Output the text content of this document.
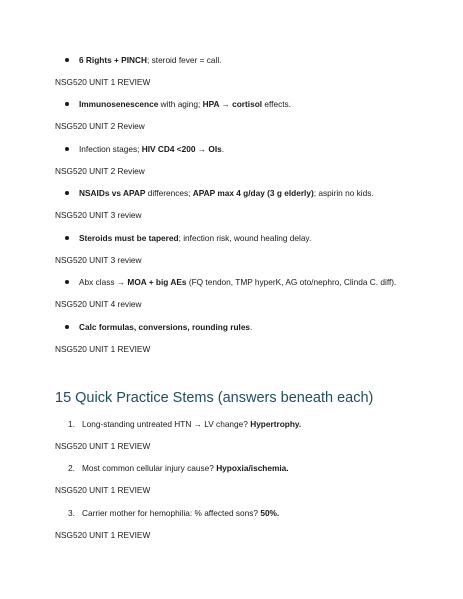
6 Rights + PINCH; steroid fever = call.
NSG520 UNIT 1 REVIEW
Immunosenescence with aging; HPA → cortisol effects.
NSG520 UNIT 2 Review
Infection stages; HIV CD4 <200 → OIs.
NSG520 UNIT 2 Review
NSAIDs vs APAP differences; APAP max 4 g/day (3 g elderly); aspirin no kids.
NSG520 UNIT 3 review
Steroids must be tapered; infection risk, wound healing delay.
NSG520 UNIT 3 review
Abx class → MOA + big AEs (FQ tendon, TMP hyperK, AG oto/nephro, Clinda C. diff).
NSG520 UNIT 4 review
Calc formulas, conversions, rounding rules.
NSG520 UNIT 1 REVIEW
15 Quick Practice Stems (answers beneath each)
1. Long-standing untreated HTN → LV change? Hypertrophy.
NSG520 UNIT 1 REVIEW
2. Most common cellular injury cause? Hypoxia/ischemia.
NSG520 UNIT 1 REVIEW
3. Carrier mother for hemophilia: % affected sons? 50%.
NSG520 UNIT 1 REVIEW
